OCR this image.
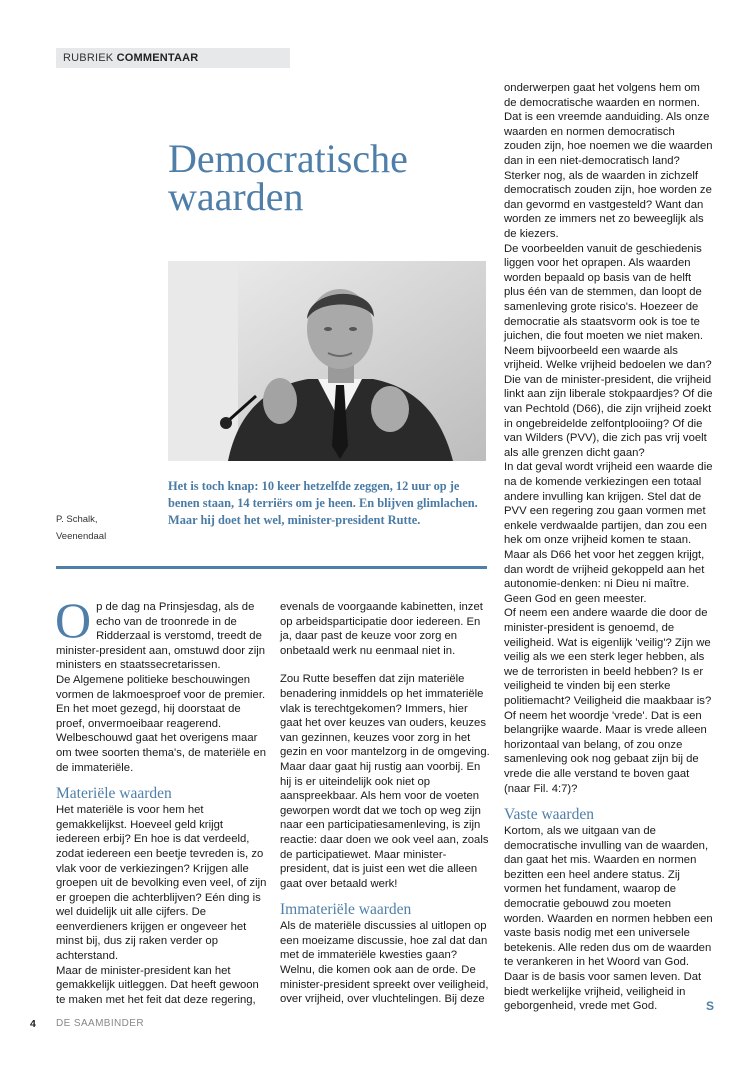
RUBRIEK COMMENTAAR
Democratische
waarden

Het is toch knap: 10 keer hetzelfde zeggen, 12 uur op je benen staan, 14 terriërs om je heen. En blijven glimlachen. Maar hij doet het wel, minister-president Rutte.

P. Schalk,
Veenendaal

Op de dag na Prinsjesdag, als de echo van de troonrede in de Ridderzaal is verstomd, treedt de minister-president aan, omstuwd door zijn ministers en staatssecretarissen.

De Algemene politieke beschouwingen vormen de lakmoesproef voor de premier. En het moet gezegd, hij doorstaat de proef, onvermoeibaar reagerend. Welbeschouwd gaat het overigens maar om twee soorten thema's, de materiële en de immateriële.

Materiële waarden

Het materiële is voor hem het gemakkelijkst. Hoeveel geld krijgt iedereen erbij? En hoe is dat verdeeld, zodat iedereen een beetje tevreden is, zo vlak voor de verkiezingen? Krijgen alle groepen uit de bevolking even veel, of zijn er groepen die achterblijven? Eén ding is wel duidelijk uit alle cijfers. De eenverdieners krijgen er ongeveer het minst bij, dus zij raken verder op achterstand.

Maar de minister-president kan het gemakkelijk uitleggen. Dat heeft gewoon te maken met het feit dat deze regering,

evenals de voorgaande kabinetten, inzet op arbeidsparticipatie door iedereen. En ja, daar past de keuze voor zorg en onbetaald werk nu eenmaal niet in.

Zou Rutte beseffen dat zijn materiële benadering inmiddels op het immateriële vlak is terechtgekomen? Immers, hier gaat het over keuzes van ouders, keuzes van gezinnen, keuzes voor zorg in het gezin en voor mantelzorg in de omgeving. Maar daar gaat hij rustig aan voorbij. En hij is er uiteindelijk ook niet op aanspreekbaar. Als hem voor de voeten geworpen wordt dat we toch op weg zijn naar een participatiesamenleving, is zijn reactie: daar doen we ook veel aan, zoals de participatiewet. Maar minister-president, dat is juist een wet die alleen gaat over betaald werk!

Immateriële waarden

Als de materiële discussies al uitlopen op een moeizame discussie, hoe zal dat dan met de immateriële kwesties gaan? Welnu, die komen ook aan de orde. De minister-president spreekt over veiligheid, over vrijheid, over vluchtelingen. Bij deze

onderwerpen gaat het volgens hem om de democratische waarden en normen.

Dat is een vreemde aanduiding. Als onze waarden en normen democratisch zouden zijn, hoe noemen we die waarden dan in een niet-democratisch land? Sterker nog, als de waarden in zichzelf democratisch zouden zijn, hoe worden ze dan gevormd en vastgesteld? Want dan worden ze immers net zo beweeglijk als de kiezers.

De voorbeelden vanuit de geschiedenis liggen voor het oprapen. Als waarden worden bepaald op basis van de helft plus één van de stemmen, dan loopt de samenleving grote risico's. Hoezeer de democratie als staatsvorm ook is toe te juichen, die fout moeten we niet maken.

Neem bijvoorbeeld een waarde als vrijheid. Welke vrijheid bedoelen we dan? Die van de minister-president, die vrijheid linkt aan zijn liberale stokpaardjes? Of die van Pechtold (D66), die zijn vrijheid zoekt in ongebreidelde zelfontplooiing? Of die van Wilders (PVV), die zich pas vrij voelt als alle grenzen dicht gaan?

In dat geval wordt vrijheid een waarde die na de komende verkiezingen een totaal andere invulling kan krijgen. Stel dat de PVV een regering zou gaan vormen met enkele verdwaalde partijen, dan zou een hek om onze vrijheid komen te staan. Maar als D66 het voor het zeggen krijgt, dan wordt de vrijheid gekoppeld aan het autonomie-denken: ni Dieu ni maître. Geen God en geen meester.

Of neem een andere waarde die door de minister-president is genoemd, de veiligheid. Wat is eigenlijk 'veilig'? Zijn we veilig als we een sterk leger hebben, als we de terroristen in beeld hebben? Is er veiligheid te vinden bij een sterke politiemacht? Veiligheid die maakbaar is?

Of neem het woordje 'vrede'. Dat is een belangrijke waarde. Maar is vrede alleen horizontaal van belang, of zou onze samenleving ook nog gebaat zijn bij de vrede die alle verstand te boven gaat (naar Fil. 4:7)?

Vaste waarden

Kortom, als we uitgaan van de democratische invulling van de waarden, dan gaat het mis. Waarden en normen bezitten een heel andere status. Zij vormen het fundament, waarop de democratie gebouwd zou moeten worden. Waarden en normen hebben een vaste basis nodig met een universele betekenis. Alle reden dus om de waarden te verankeren in het Woord van God. Daar is de basis voor samen leven. Dat biedt werkelijke vrijheid, veiligheid in geborgenheid, vrede met God.	S

4 DE SAAMBINDER
